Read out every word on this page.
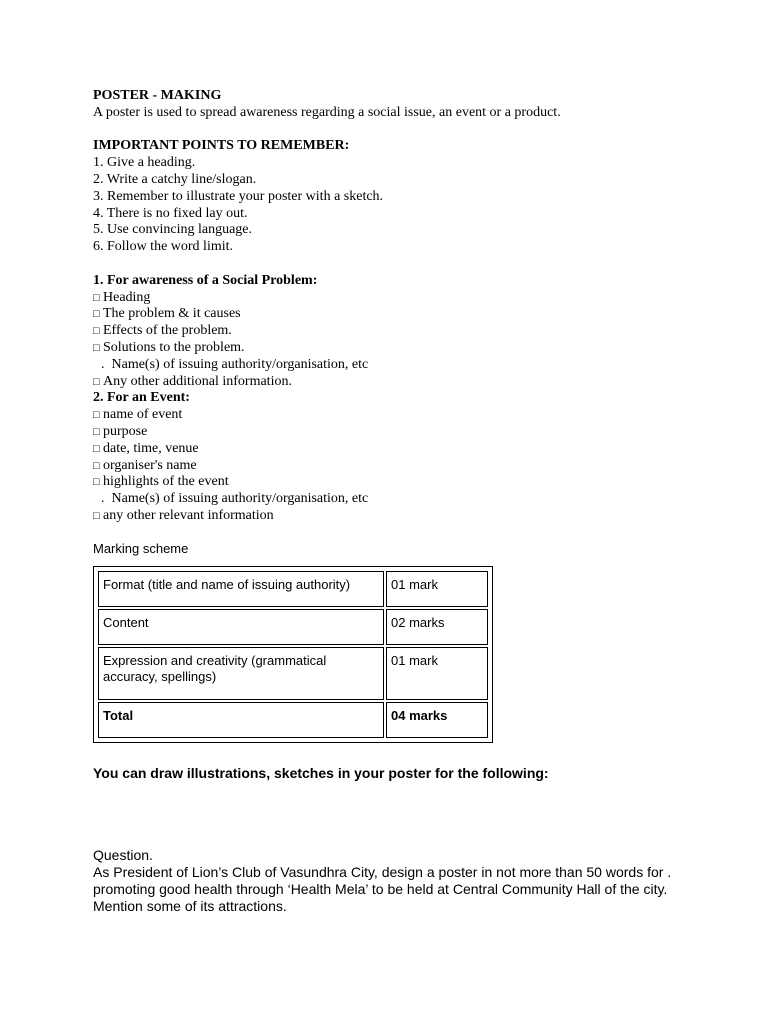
POSTER - MAKING
A poster is used to spread awareness regarding a social issue, an event or a product.
IMPORTANT POINTS TO REMEMBER:
1. Give a heading.
2. Write a catchy line/slogan.
3. Remember to illustrate your poster with a sketch.
4. There is no fixed lay out.
5. Use convincing language.
6. Follow the word limit.
1. For awareness of a Social Problem:
□ Heading
□ The problem & it causes
□ Effects of the problem.
□ Solutions to the problem.
.  Name(s) of issuing authority/organisation, etc
□ Any other additional information.
2. For an Event:
□ name of event
□ purpose
□ date, time, venue
□ organiser's name
□ highlights of the event
.  Name(s) of issuing authority/organisation, etc
□ any other relevant information
Marking scheme
Format (title and name of issuing authority)	01 mark
Content	02 marks
Expression and creativity (grammatical accuracy, spellings)	01 mark
Total	04 marks
You can draw illustrations, sketches in your poster for the following:
Question.
As President of Lion’s Club of Vasundhra City, design a poster in not more than 50 words for . promoting good health through ‘Health Mela’ to be held at Central Community Hall of the city. Mention some of its attractions.
